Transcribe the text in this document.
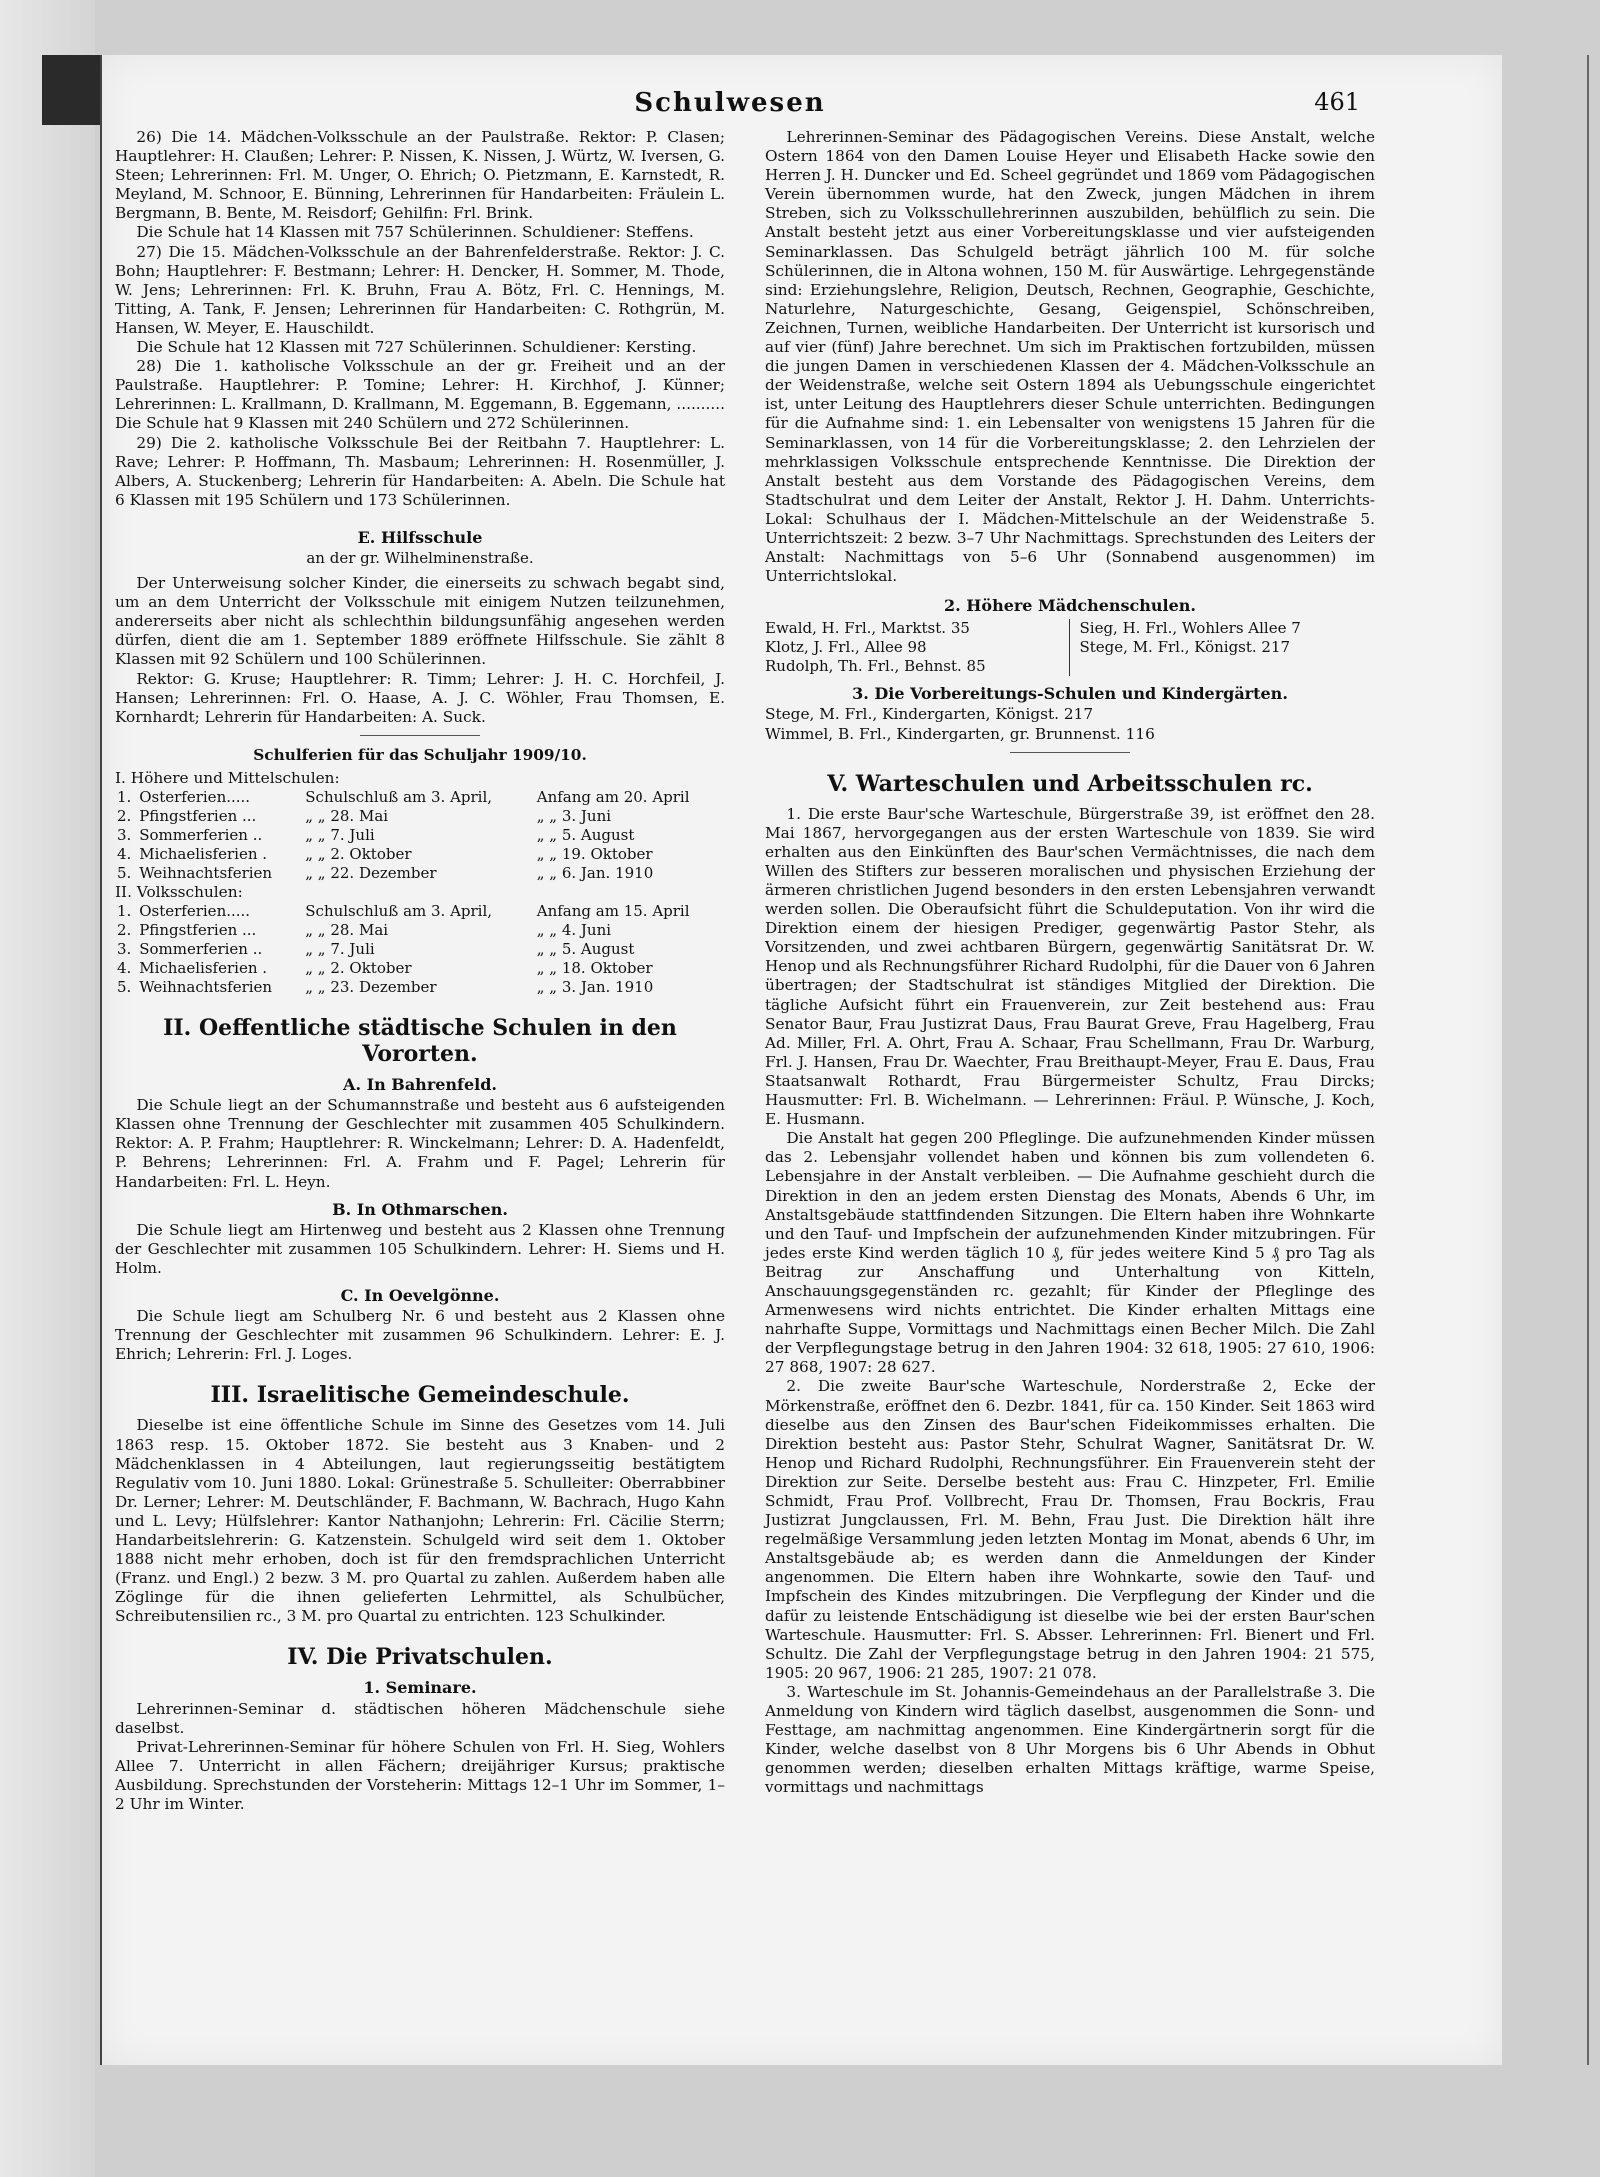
Schulwesen	461

26) Die 14. Mädchen-Volksschule an der Paulstraße. Rektor: P. Clasen; Hauptlehrer: H. Claußen; Lehrer: P. Nissen, K. Nissen, J. Würtz, W. Iversen, G. Steen; Lehrerinnen: Frl. M. Unger, O. Ehrich; O. Pietzmann, E. Karnstedt, R. Meyland, M. Schnoor, E. Bünning, Lehrerinnen für Handarbeiten: Fräulein L. Bergmann, B. Bente, M. Reisdorf; Gehilfin: Frl. Brink.

Die Schule hat 14 Klassen mit 757 Schülerinnen. Schuldiener: Steffens.

27) Die 15. Mädchen-Volksschule an der Bahrenfelderstraße. Rektor: J. C. Bohn; Hauptlehrer: F. Bestmann; Lehrer: H. Dencker, H. Sommer, M. Thode, W. Jens; Lehrerinnen: Frl. K. Bruhn, Frau A. Bötz, Frl. C. Hennings, M. Titting, A. Tank, F. Jensen; Lehrerinnen für Handarbeiten: C. Rothgrün, M. Hansen, W. Meyer, E. Hauschildt.

Die Schule hat 12 Klassen mit 727 Schülerinnen. Schuldiener: Kersting.

28) Die 1. katholische Volksschule an der gr. Freiheit und an der Paulstraße. Hauptlehrer: P. Tomine; Lehrer: H. Kirchhof, J. Künner; Lehrerinnen: L. Krallmann, D. Krallmann, M. Eggemann, B. Eggemann, .......... Die Schule hat 9 Klassen mit 240 Schülern und 272 Schülerinnen.

29) Die 2. katholische Volksschule Bei der Reitbahn 7. Hauptlehrer: L. Rave; Lehrer: P. Hoffmann, Th. Masbaum; Lehrerinnen: H. Rosenmüller, J. Albers, A. Stuckenberg; Lehrerin für Handarbeiten: A. Abeln. Die Schule hat 6 Klassen mit 195 Schülern und 173 Schülerinnen.

E. Hilfsschule
an der gr. Wilhelminenstraße.

Der Unterweisung solcher Kinder, die einerseits zu schwach begabt sind, um an dem Unterricht der Volksschule mit einigem Nutzen teilzunehmen, andererseits aber nicht als schlechthin bildungsunfähig angesehen werden dürfen, dient die am 1. September 1889 eröffnete Hilfsschule. Sie zählt 8 Klassen mit 92 Schülern und 100 Schülerinnen.

Rektor: G. Kruse; Hauptlehrer: R. Timm; Lehrer: J. H. C. Horchfeil, J. Hansen; Lehrerinnen: Frl. O. Haase, A. J. C. Wöhler, Frau Thomsen, E. Kornhardt; Lehrerin für Handarbeiten: A. Suck.

Schulferien für das Schuljahr 1909/10.
I. Höhere und Mittelschulen:
1.	Osterferien.....	Schulschluß am 3. April,	Anfang am 20. April
2.	Pfingstferien ...	„ „ 28. Mai	„ „ 3. Juni
3.	Sommerferien ..	„ „ 7. Juli	„ „ 5. August
4.	Michaelisferien .	„ „ 2. Oktober	„ „ 19. Oktober
5.	Weihnachtsferien	„ „ 22. Dezember	„ „ 6. Jan. 1910
II. Volksschulen:
1.	Osterferien.....	Schulschluß am 3. April,	Anfang am 15. April
2.	Pfingstferien ...	„ „ 28. Mai	„ „ 4. Juni
3.	Sommerferien ..	„ „ 7. Juli	„ „ 5. August
4.	Michaelisferien .	„ „ 2. Oktober	„ „ 18. Oktober
5.	Weihnachtsferien	„ „ 23. Dezember	„ „ 3. Jan. 1910
II. Oeffentliche städtische Schulen in den Vororten.
A. In Bahrenfeld.

Die Schule liegt an der Schumannstraße und besteht aus 6 aufsteigenden Klassen ohne Trennung der Geschlechter mit zusammen 405 Schulkindern. Rektor: A. P. Frahm; Hauptlehrer: R. Winckelmann; Lehrer: D. A. Hadenfeldt, P. Behrens; Lehrerinnen: Frl. A. Frahm und F. Pagel; Lehrerin für Handarbeiten: Frl. L. Heyn.

B. In Othmarschen.

Die Schule liegt am Hirtenweg und besteht aus 2 Klassen ohne Trennung der Geschlechter mit zusammen 105 Schulkindern. Lehrer: H. Siems und H. Holm.

C. In Oevelgönne.

Die Schule liegt am Schulberg Nr. 6 und besteht aus 2 Klassen ohne Trennung der Geschlechter mit zusammen 96 Schulkindern. Lehrer: E. J. Ehrich; Lehrerin: Frl. J. Loges.

III. Israelitische Gemeindeschule.

Dieselbe ist eine öffentliche Schule im Sinne des Gesetzes vom 14. Juli 1863 resp. 15. Oktober 1872. Sie besteht aus 3 Knaben- und 2 Mädchenklassen in 4 Abteilungen, laut regierungsseitig bestätigtem Regulativ vom 10. Juni 1880. Lokal: Grünestraße 5. Schulleiter: Oberrabbiner Dr. Lerner; Lehrer: M. Deutschländer, F. Bachmann, W. Bachrach, Hugo Kahn und L. Levy; Hülfslehrer: Kantor Nathanjohn; Lehrerin: Frl. Cäcilie Sterrn; Handarbeitslehrerin: G. Katzenstein. Schulgeld wird seit dem 1. Oktober 1888 nicht mehr erhoben, doch ist für den fremdsprachlichen Unterricht (Franz. und Engl.) 2 bezw. 3 M. pro Quartal zu zahlen. Außerdem haben alle Zöglinge für die ihnen gelieferten Lehrmittel, als Schulbücher, Schreibutensilien rc., 3 M. pro Quartal zu entrichten. 123 Schulkinder.

IV. Die Privatschulen.
1. Seminare.

Lehrerinnen-Seminar d. städtischen höheren Mädchenschule siehe daselbst.

Privat-Lehrerinnen-Seminar für höhere Schulen von Frl. H. Sieg, Wohlers Allee 7. Unterricht in allen Fächern; dreijähriger Kursus; praktische Ausbildung. Sprechstunden der Vorsteherin: Mittags 12–1 Uhr im Sommer, 1–2 Uhr im Winter.

Lehrerinnen-Seminar des Pädagogischen Vereins. Diese Anstalt, welche Ostern 1864 von den Damen Louise Heyer und Elisabeth Hacke sowie den Herren J. H. Duncker und Ed. Scheel gegründet und 1869 vom Pädagogischen Verein übernommen wurde, hat den Zweck, jungen Mädchen in ihrem Streben, sich zu Volksschullehrerinnen auszubilden, behülflich zu sein. Die Anstalt besteht jetzt aus einer Vorbereitungsklasse und vier aufsteigenden Seminarklassen. Das Schulgeld beträgt jährlich 100 M. für solche Schülerinnen, die in Altona wohnen, 150 M. für Auswärtige. Lehrgegenstände sind: Erziehungslehre, Religion, Deutsch, Rechnen, Geographie, Geschichte, Naturlehre, Naturgeschichte, Gesang, Geigenspiel, Schönschreiben, Zeichnen, Turnen, weibliche Handarbeiten. Der Unterricht ist kursorisch und auf vier (fünf) Jahre berechnet. Um sich im Praktischen fortzubilden, müssen die jungen Damen in verschiedenen Klassen der 4. Mädchen-Volksschule an der Weidenstraße, welche seit Ostern 1894 als Uebungsschule eingerichtet ist, unter Leitung des Hauptlehrers dieser Schule unterrichten. Bedingungen für die Aufnahme sind: 1. ein Lebensalter von wenigstens 15 Jahren für die Seminarklassen, von 14 für die Vorbereitungsklasse; 2. den Lehrzielen der mehrklassigen Volksschule entsprechende Kenntnisse. Die Direktion der Anstalt besteht aus dem Vorstande des Pädagogischen Vereins, dem Stadtschulrat und dem Leiter der Anstalt, Rektor J. H. Dahm. Unterrichts-Lokal: Schulhaus der I. Mädchen-Mittelschule an der Weidenstraße 5. Unterrichtszeit: 2 bezw. 3–7 Uhr Nachmittags. Sprechstunden des Leiters der Anstalt: Nachmittags von 5–6 Uhr (Sonnabend ausgenommen) im Unterrichtslokal.

2. Höhere Mädchenschulen.
Ewald, H. Frl., Marktst. 35
Klotz, J. Frl., Allee 98
Rudolph, Th. Frl., Behnst. 85
Sieg, H. Frl., Wohlers Allee 7
Stege, M. Frl., Königst. 217
3. Die Vorbereitungs-Schulen und Kindergärten.
Stege, M. Frl., Kindergarten, Königst. 217
Wimmel, B. Frl., Kindergarten, gr. Brunnenst. 116
V. Warteschulen und Arbeitsschulen rc.

1. Die erste Baur'sche Warteschule, Bürgerstraße 39, ist eröffnet den 28. Mai 1867, hervorgegangen aus der ersten Warteschule von 1839. Sie wird erhalten aus den Einkünften des Baur'schen Vermächtnisses, die nach dem Willen des Stifters zur besseren moralischen und physischen Erziehung der ärmeren christlichen Jugend besonders in den ersten Lebensjahren verwandt werden sollen. Die Oberaufsicht führt die Schuldeputation. Von ihr wird die Direktion einem der hiesigen Prediger, gegenwärtig Pastor Stehr, als Vorsitzenden, und zwei achtbaren Bürgern, gegenwärtig Sanitätsrat Dr. W. Henop und als Rechnungsführer Richard Rudolphi, für die Dauer von 6 Jahren übertragen; der Stadtschulrat ist ständiges Mitglied der Direktion. Die tägliche Aufsicht führt ein Frauenverein, zur Zeit bestehend aus: Frau Senator Baur, Frau Justizrat Daus, Frau Baurat Greve, Frau Hagelberg, Frau Ad. Miller, Frl. A. Ohrt, Frau A. Schaar, Frau Schellmann, Frau Dr. Warburg, Frl. J. Hansen, Frau Dr. Waechter, Frau Breithaupt-Meyer, Frau E. Daus, Frau Staatsanwalt Rothardt, Frau Bürgermeister Schultz, Frau Dircks; Hausmutter: Frl. B. Wichelmann. — Lehrerinnen: Fräul. P. Wünsche, J. Koch, E. Husmann.

Die Anstalt hat gegen 200 Pfleglinge. Die aufzunehmenden Kinder müssen das 2. Lebensjahr vollendet haben und können bis zum vollendeten 6. Lebensjahre in der Anstalt verbleiben. — Die Aufnahme geschieht durch die Direktion in den an jedem ersten Dienstag des Monats, Abends 6 Uhr, im Anstaltsgebäude stattfindenden Sitzungen. Die Eltern haben ihre Wohnkarte und den Tauf- und Impfschein der aufzunehmenden Kinder mitzubringen. Für jedes erste Kind werden täglich 10 ₰, für jedes weitere Kind 5 ₰ pro Tag als Beitrag zur Anschaffung und Unterhaltung von Kitteln, Anschauungsgegenständen rc. gezahlt; für Kinder der Pfleglinge des Armenwesens wird nichts entrichtet. Die Kinder erhalten Mittags eine nahrhafte Suppe, Vormittags und Nachmittags einen Becher Milch. Die Zahl der Verpflegungstage betrug in den Jahren 1904: 32 618, 1905: 27 610, 1906: 27 868, 1907: 28 627.

2. Die zweite Baur'sche Warteschule, Norderstraße 2, Ecke der Mörkenstraße, eröffnet den 6. Dezbr. 1841, für ca. 150 Kinder. Seit 1863 wird dieselbe aus den Zinsen des Baur'schen Fideikommisses erhalten. Die Direktion besteht aus: Pastor Stehr, Schulrat Wagner, Sanitätsrat Dr. W. Henop und Richard Rudolphi, Rechnungsführer. Ein Frauenverein steht der Direktion zur Seite. Derselbe besteht aus: Frau C. Hinzpeter, Frl. Emilie Schmidt, Frau Prof. Vollbrecht, Frau Dr. Thomsen, Frau Bockris, Frau Justizrat Jungclaussen, Frl. M. Behn, Frau Just. Die Direktion hält ihre regelmäßige Versammlung jeden letzten Montag im Monat, abends 6 Uhr, im Anstaltsgebäude ab; es werden dann die Anmeldungen der Kinder angenommen. Die Eltern haben ihre Wohnkarte, sowie den Tauf- und Impfschein des Kindes mitzubringen. Die Verpflegung der Kinder und die dafür zu leistende Entschädigung ist dieselbe wie bei der ersten Baur'schen Warteschule. Hausmutter: Frl. S. Absser. Lehrerinnen: Frl. Bienert und Frl. Schultz. Die Zahl der Verpflegungstage betrug in den Jahren 1904: 21 575, 1905: 20 967, 1906: 21 285, 1907: 21 078.

3. Warteschule im St. Johannis-Gemeindehaus an der Parallelstraße 3. Die Anmeldung von Kindern wird täglich daselbst, ausgenommen die Sonn- und Festtage, am nachmittag angenommen. Eine Kindergärtnerin sorgt für die Kinder, welche daselbst von 8 Uhr Morgens bis 6 Uhr Abends in Obhut genommen werden; dieselben erhalten Mittags kräftige, warme Speise, vormittags und nachmittags
